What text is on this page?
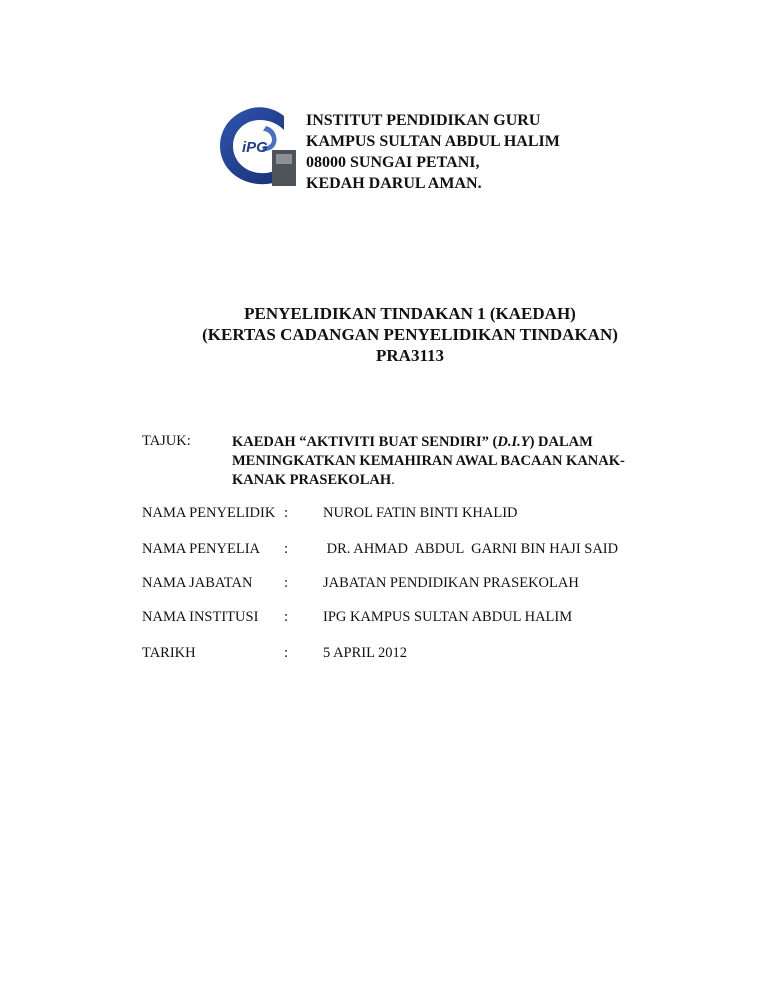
iPG
INSTITUT PENDIDIKAN GURU
KAMPUS SULTAN ABDUL HALIM
08000 SUNGAI PETANI,
KEDAH DARUL AMAN.
PENYELIDIKAN TINDAKAN 1 (KAEDAH)
(KERTAS CADANGAN PENYELIDIKAN TINDAKAN)
PRA3113
TAJUK:	KAEDAH “AKTIVITI BUAT SENDIRI” (D.I.Y) DALAM
MENINGKATKAN KEMAHIRAN AWAL BACAAN KANAK-
KANAK PRASEKOLAH.
NAMA PENYELIDIK : NUROL FATIN BINTI KHALID
NAMA PENYELIA : DR. AHMAD  ABDUL  GARNI BIN HAJI SAID
NAMA JABATAN : JABATAN PENDIDIKAN PRASEKOLAH
NAMA INSTITUSI : IPG KAMPUS SULTAN ABDUL HALIM
TARIKH	: 5 APRIL 2012
